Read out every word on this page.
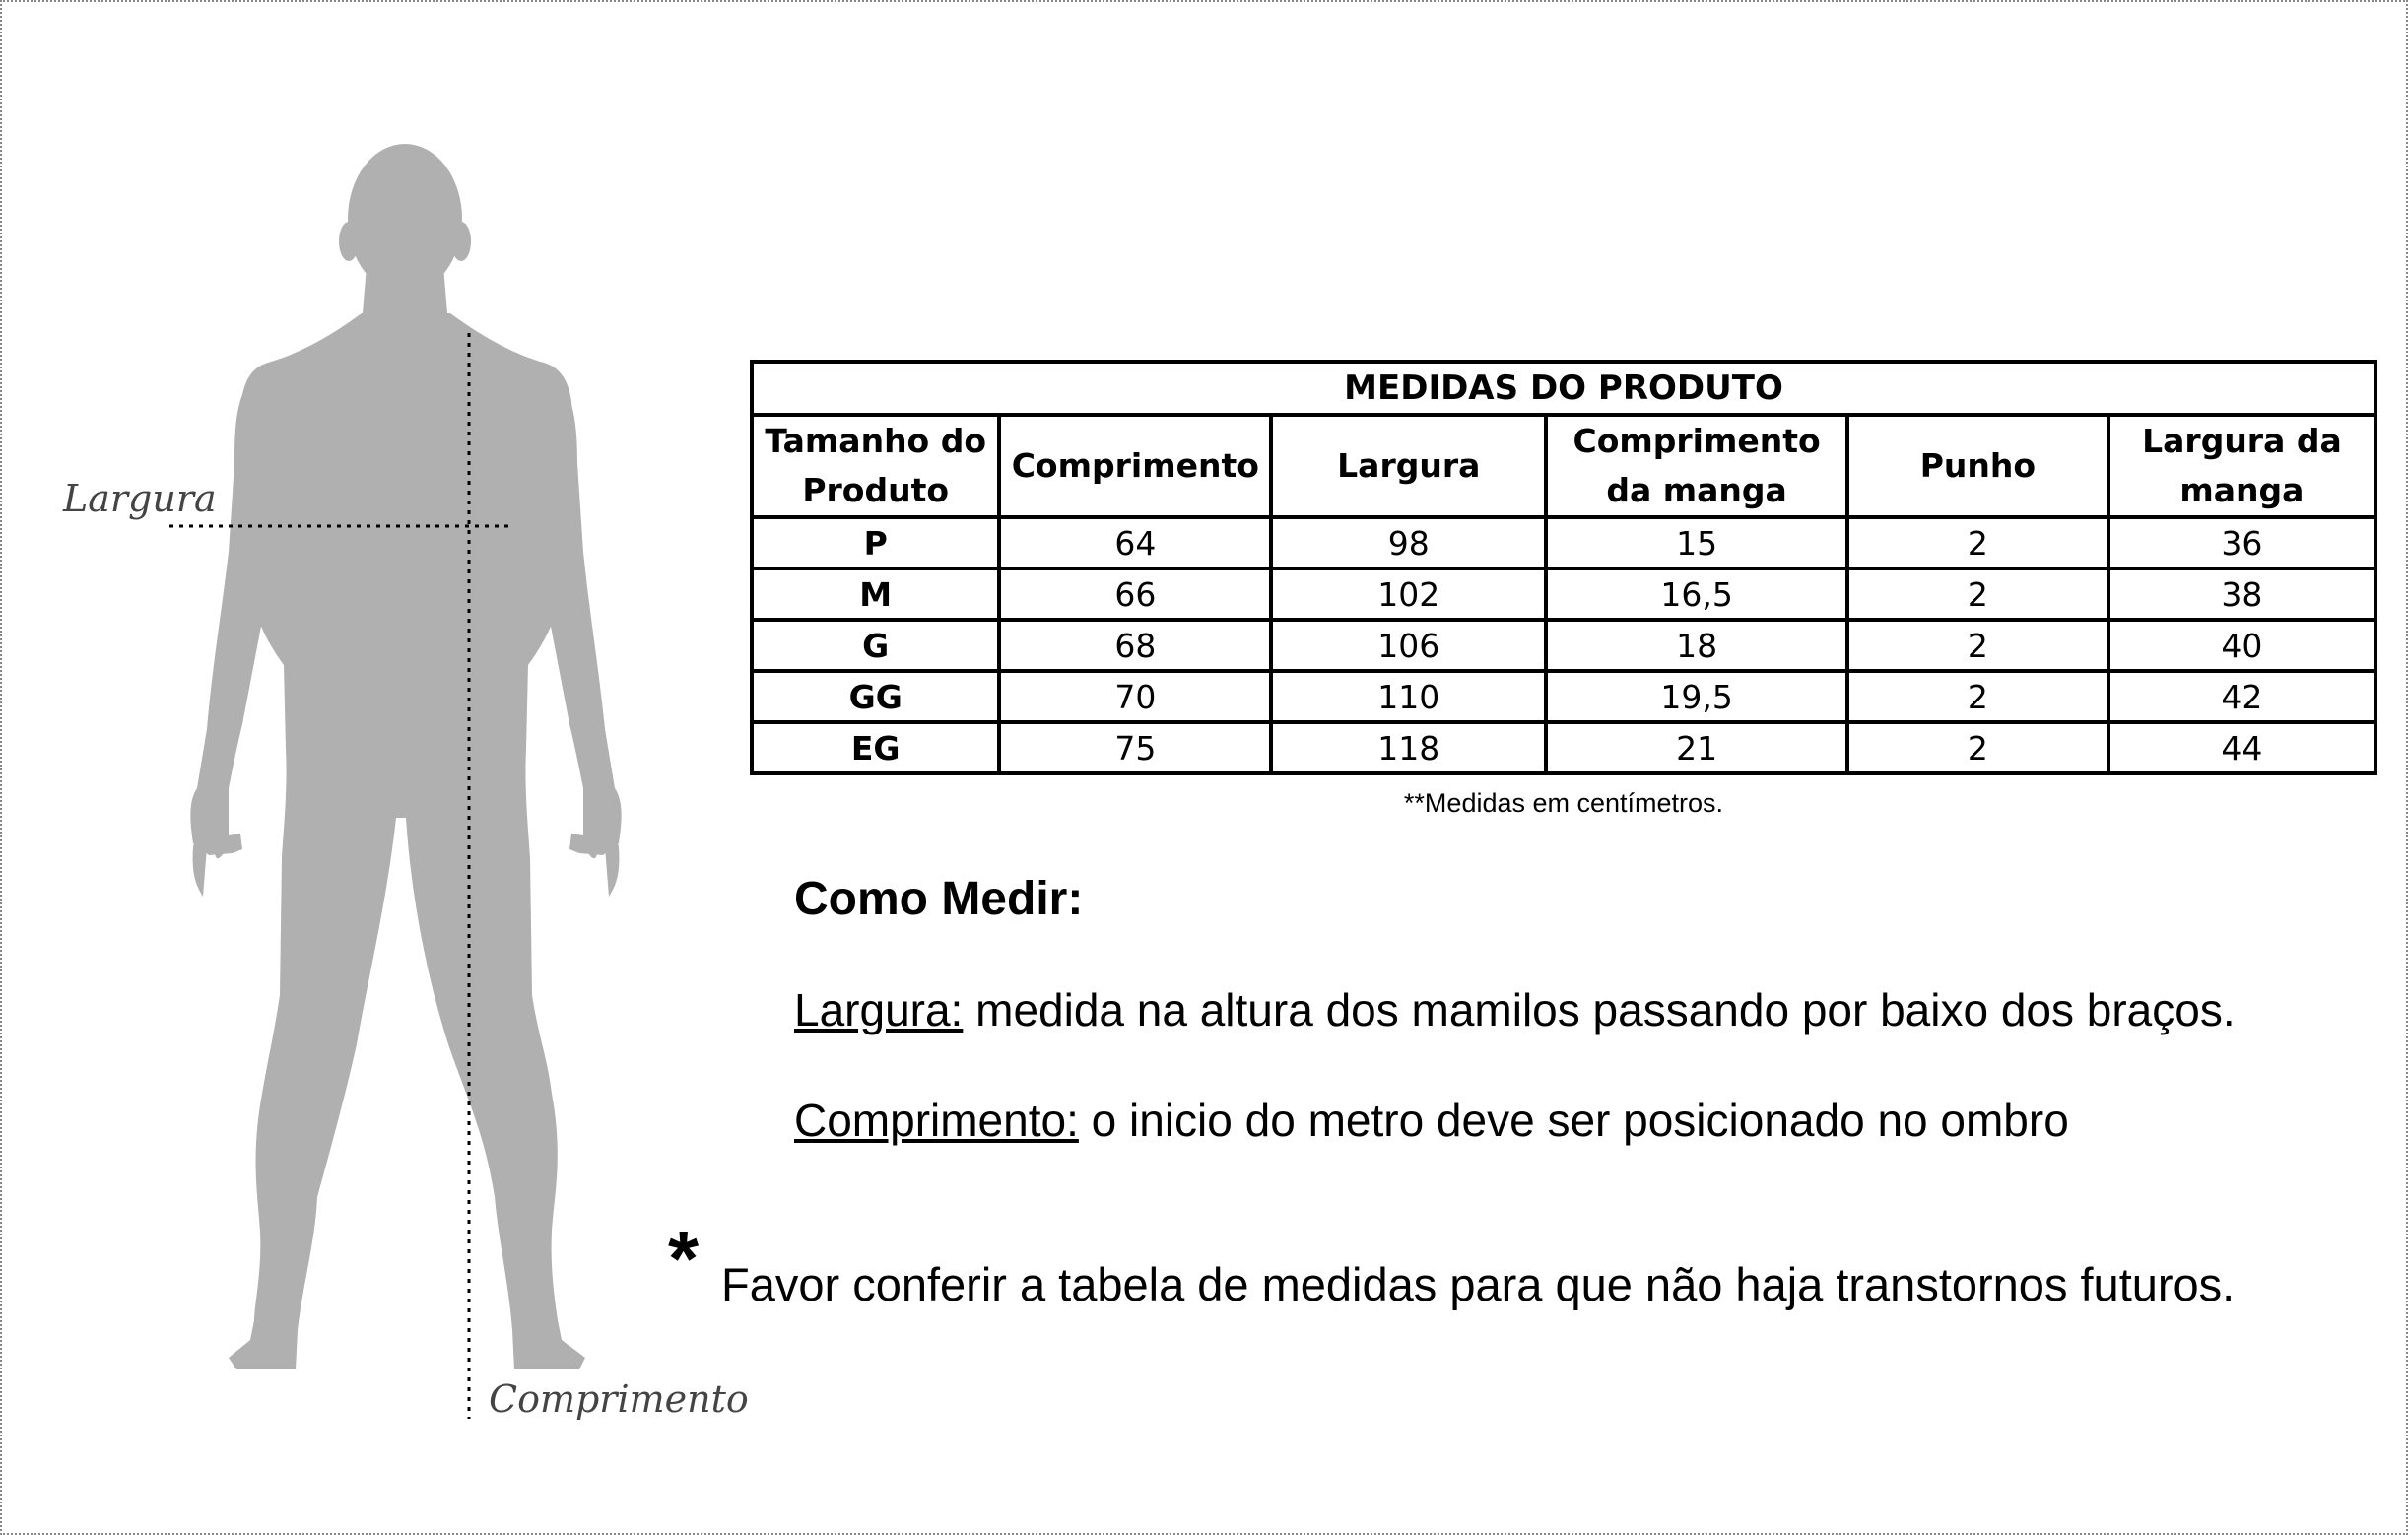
Largura
Comprimento
MEDIDAS DO PRODUTO					
Tamanho do Produto	Comprimento	Largura	Comprimento da manga	Punho	Largura da manga
P	64	98	15	2	36
M	66	102	16,5	2	38
G	68	106	18	2	40
GG	70	110	19,5	2	42
EG	75	118	21	2	44
**Medidas em centímetros.
Como Medir:
Largura: medida na altura dos mamilos passando por baixo dos braços.
Comprimento: o inicio do metro deve ser posicionado no ombro
* Favor conferir a tabela de medidas para que não haja transtornos futuros.
